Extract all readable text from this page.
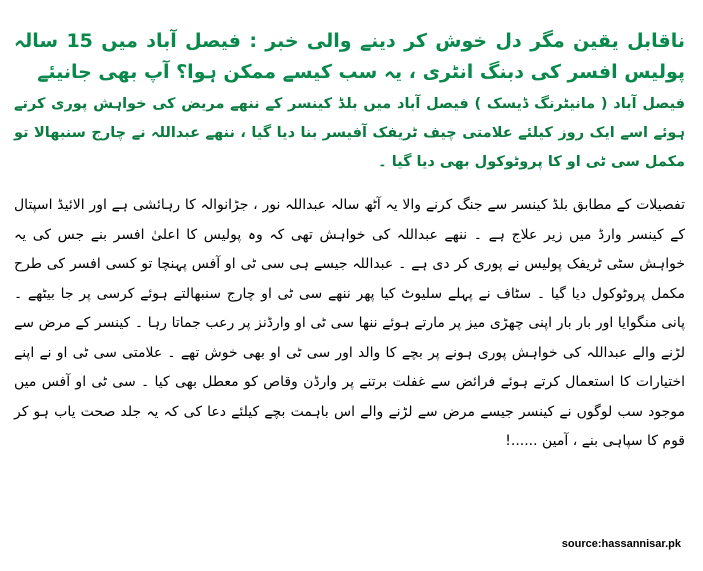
ناقابل یقین مگر دل خوش کر دینے والی خبر : فیصل آباد میں 15 سالہ پولیس افسر کی دبنگ انٹری ، یہ سب کیسے ممکن ہوا؟ آپ بھی جانیئے

فیصل آباد ( مانیٹرنگ ڈیسک ) فیصل آباد میں بلڈ کینسر کے ننھے مریض کی خواہش پوری کرتے ہوئے اسے ایک روز کیلئے علامتی چیف ٹریفک آفیسر بنا دیا گیا ، ننھے عبداللہ نے چارج سنبھالا تو مکمل سی ٹی او کا پروٹوکول بھی دیا گیا ۔

تفصیلات کے مطابق بلڈ کینسر سے جنگ کرنے والا یہ آٹھ سالہ عبداللہ نور ، جڑانوالہ کا رہائشی ہے اور الائیڈ اسپتال کے کینسر وارڈ میں زیر علاج ہے ۔ ننھے عبداللہ کی خواہش تھی کہ وہ پولیس کا اعلیٰ افسر بنے جس کی یہ خواہش سٹی ٹریفک پولیس نے پوری کر دی ہے ۔ عبداللہ جیسے ہی سی ٹی او آفس پہنچا تو کسی افسر کی طرح مکمل پروٹوکول دیا گیا ۔ سٹاف نے پہلے سلیوٹ کیا پھر ننھے سی ٹی او چارج سنبھالتے ہوئے کرسی پر جا بیٹھے ۔ پانی منگوایا اور بار بار اپنی چھڑی میز پر مارتے ہوئے ننھا سی ٹی او وارڈنز پر رعب جماتا رہا ۔ کینسر کے مرض سے لڑنے والے عبداللہ کی خواہش پوری ہونے پر بچے کا والد اور سی ٹی او بھی خوش تھے ۔ علامتی سی ٹی او نے اپنے اختیارات کا استعمال کرتے ہوئے فرائض سے غفلت برتنے پر وارڈن وقاص کو معطل بھی کیا ۔ سی ٹی او آفس میں موجود سب لوگوں نے کینسر جیسے مرض سے لڑنے والے اس باہمت بچے کیلئے دعا کی کہ یہ جلد صحت یاب ہو کر قوم کا سپاہی بنے ، آمین ......!

source:hassannisar.pk
